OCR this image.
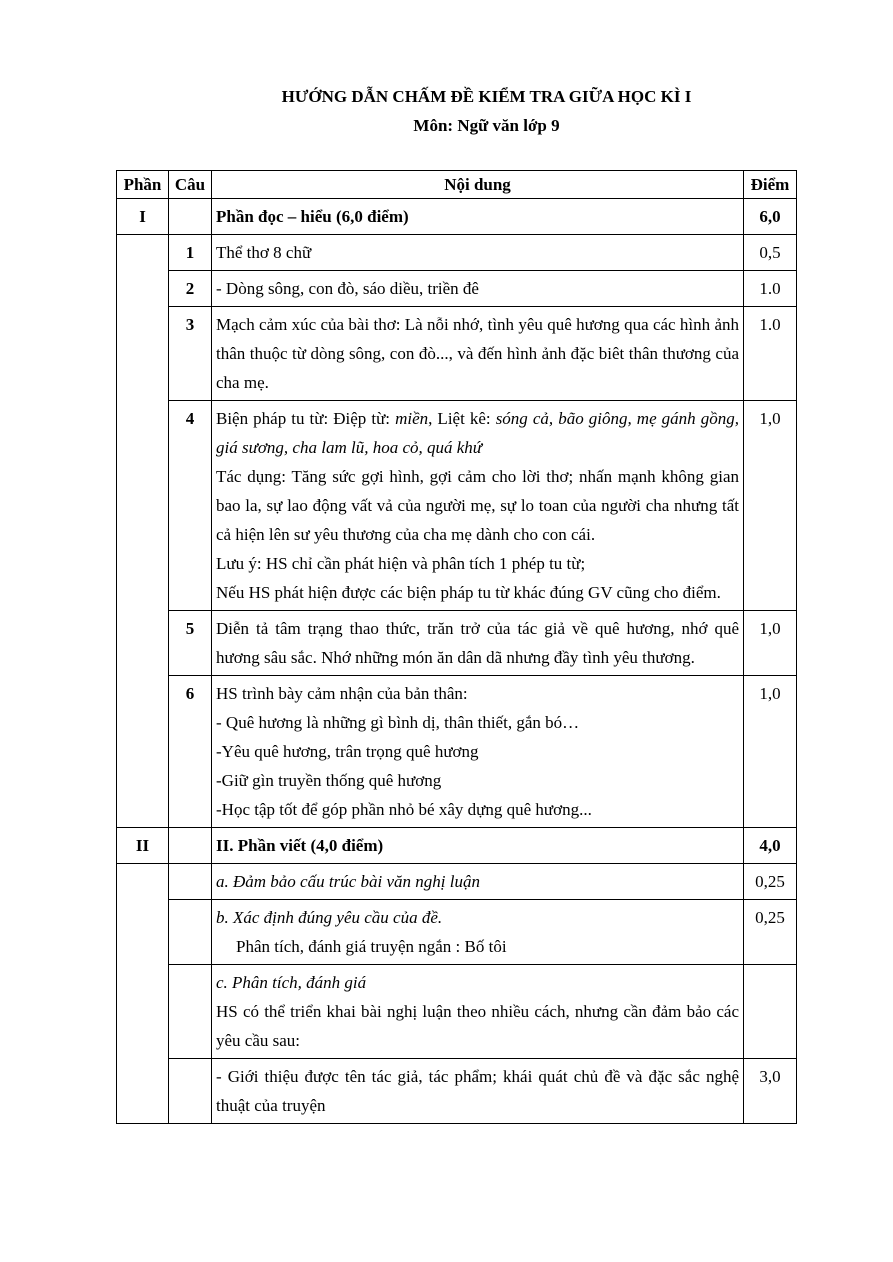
HƯỚNG DẪN CHẤM ĐỀ KIỂM TRA GIỮA HỌC KÌ I
Môn: Ngữ văn lớp 9
Phần	Câu	Nội dung	Điểm
I		Phần đọc – hiểu (6,0 điểm)	6,0
	1	Thể thơ 8 chữ	0,5
	2	- Dòng sông, con đò, sáo diều, triền đê	1.0
	3	Mạch cảm xúc của bài thơ: Là nỗi nhớ, tình yêu quê hương qua các hình ảnh thân thuộc từ dòng sông, con đò..., và đến hình ảnh đặc biêt thân thương của cha mẹ.	1.0
	4	Biện pháp tu từ: Điệp từ: miền, Liệt kê: sóng cả, bão giông, mẹ gánh gồng, giá sương, cha lam lũ, hoa cỏ, quá khứ
Tác dụng: Tăng sức gợi hình, gợi cảm cho lời thơ; nhấn mạnh không gian bao la, sự lao động vất vả của người mẹ, sự lo toan của người cha nhưng tất cả hiện lên sư yêu thương của cha mẹ dành cho con cái.
Lưu ý: HS chỉ cần phát hiện và phân tích 1 phép tu từ;
Nếu HS phát hiện được các biện pháp tu từ khác đúng GV cũng cho điểm.	1,0
	5	Diễn tả tâm trạng thao thức, trăn trở của tác giả về quê hương, nhớ quê hương sâu sắc. Nhớ những món ăn dân dã nhưng đầy tình yêu thương.	1,0
	6	HS trình bày cảm nhận của bản thân:
- Quê hương là những gì bình dị, thân thiết, gắn bó…
-Yêu quê hương, trân trọng quê hương
-Giữ gìn truyền thống quê hương
-Học tập tốt để góp phần nhỏ bé xây dựng quê hương...	1,0
II		II. Phần viết (4,0 điểm)	4,0
		a. Đảm bảo cấu trúc bài văn nghị luận	0,25

		b. Xác định đúng yêu cầu của đề.
Phân tích, đánh giá truyện ngắn : Bố tôi	0,25

		c. Phân tích, đánh giá
HS có thể triển khai bài nghị luận theo nhiều cách, nhưng cần đảm bảo các yêu cầu sau:	

		- Giới thiệu được tên tác giả, tác phẩm; khái quát chủ đề và đặc sắc nghệ thuật của truyện	3,0
